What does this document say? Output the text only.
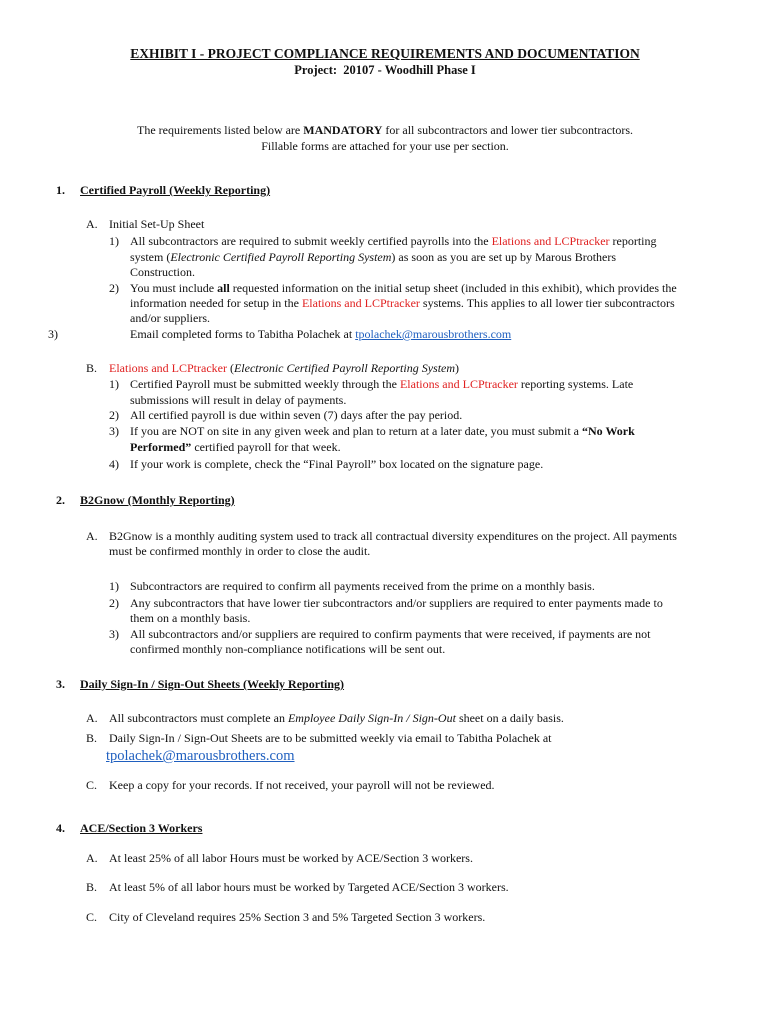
EXHIBIT I - PROJECT COMPLIANCE REQUIREMENTS AND DOCUMENTATION
Project: 20107 - Woodhill Phase I
The requirements listed below are MANDATORY for all subcontractors and lower tier subcontractors.
Fillable forms are attached for your use per section.
1. Certified Payroll (Weekly Reporting)
A. Initial Set-Up Sheet
1) All subcontractors are required to submit weekly certified payrolls into the Elations and LCPtracker reporting
system (Electronic Certified Payroll Reporting System) as soon as you are set up by Marous Brothers
Construction.
2) You must include all requested information on the initial setup sheet (included in this exhibit), which provides the
information needed for setup in the Elations and LCPtracker systems. This applies to all lower tier subcontractors
and/or suppliers.
3)	Email completed forms to Tabitha Polachek at tpolachek@marousbrothers.com
B. Elations and LCPtracker (Electronic Certified Payroll Reporting System)
1) Certified Payroll must be submitted weekly through the Elations and LCPtracker reporting systems. Late
submissions will result in delay of payments.
2) All certified payroll is due within seven (7) days after the pay period.
3) If you are NOT on site in any given week and plan to return at a later date, you must submit a “No Work
Performed” certified payroll for that week.
4) If your work is complete, check the “Final Payroll” box located on the signature page.
2. B2Gnow (Monthly Reporting)
A. B2Gnow is a monthly auditing system used to track all contractual diversity expenditures on the project. All payments
must be confirmed monthly in order to close the audit.
1) Subcontractors are required to confirm all payments received from the prime on a monthly basis.
2) Any subcontractors that have lower tier subcontractors and/or suppliers are required to enter payments made to
them on a monthly basis.
3) All subcontractors and/or suppliers are required to confirm payments that were received, if payments are not
confirmed monthly non-compliance notifications will be sent out.
3. Daily Sign-In / Sign-Out Sheets (Weekly Reporting)
A. All subcontractors must complete an Employee Daily Sign-In / Sign-Out sheet on a daily basis.
B. Daily Sign-In / Sign-Out Sheets are to be submitted weekly via email to Tabitha Polachek at
tpolachek@marousbrothers.com
C. Keep a copy for your records. If not received, your payroll will not be reviewed.
4. ACE/Section 3 Workers
A. At least 25% of all labor Hours must be worked by ACE/Section 3 workers.
B. At least 5% of all labor hours must be worked by Targeted ACE/Section 3 workers.
C. City of Cleveland requires 25% Section 3 and 5% Targeted Section 3 workers.
